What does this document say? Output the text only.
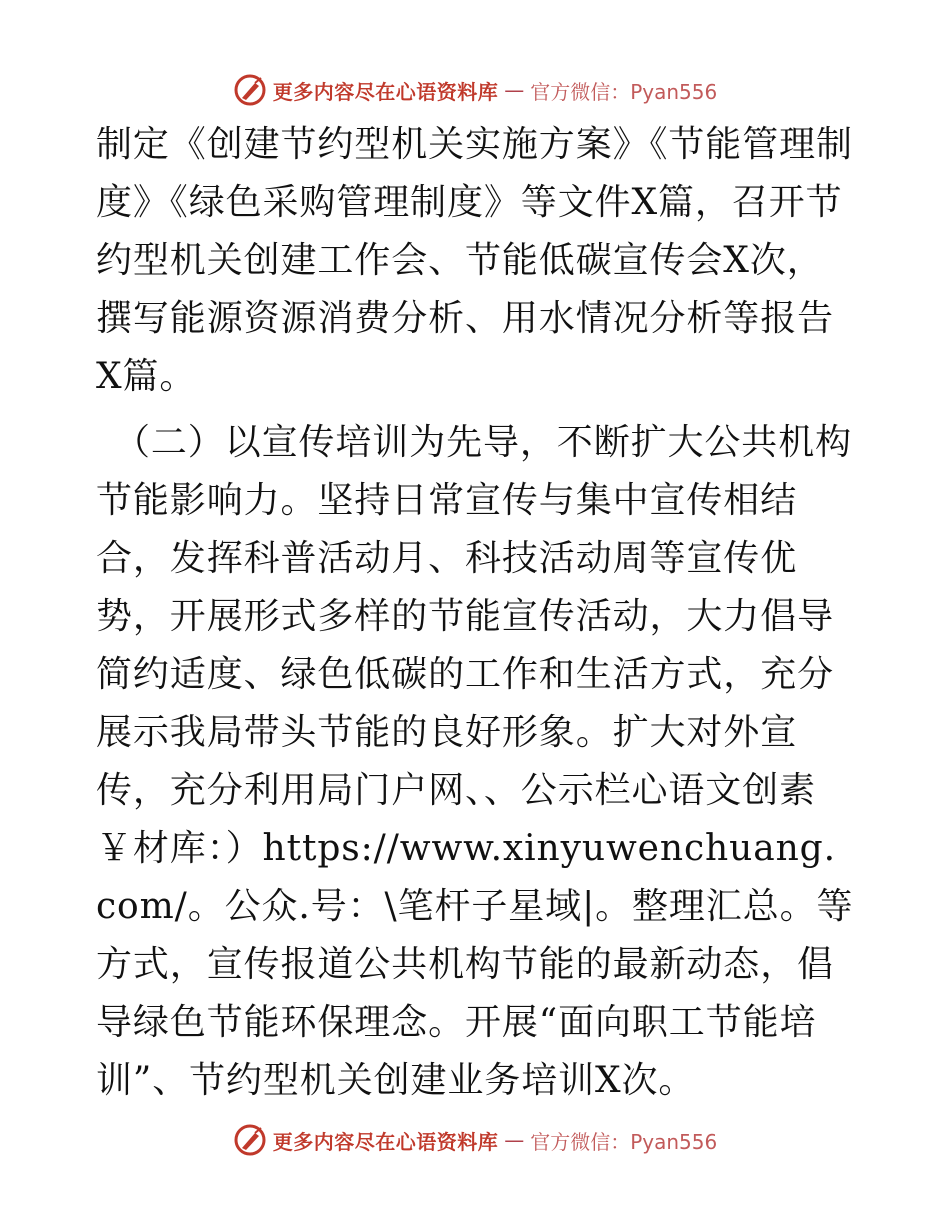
更多内容尽在心语资料库 — 官方微信：Pyan556

制定《创建节约型机关实施方案》《节能管理制度》《绿色采购管理制度》等文件X篇，召开节约型机关创建工作会、节能低碳宣传会X次，撰写能源资源消费分析、用水情况分析等报告X篇。

（二）以宣传培训为先导，不断扩大公共机构节能影响力。坚持日常宣传与集中宣传相结合，发挥科普活动月、科技活动周等宣传优势，开展形式多样的节能宣传活动，大力倡导简约适度、绿色低碳的工作和生活方式，充分展示我局带头节能的良好形象。扩大对外宣传，充分利用局门户网、、公示栏心语文创素￥材库：）https://www.xinyuwenchuang.com/。公众.号：\笔杆子星域|。整理汇总。等方式，宣传报道公共机构节能的最新动态，倡导绿色节能环保理念。开展“面向职工节能培训”、节约型机关创建业务培训X次。

更多内容尽在心语资料库 — 官方微信：Pyan556
